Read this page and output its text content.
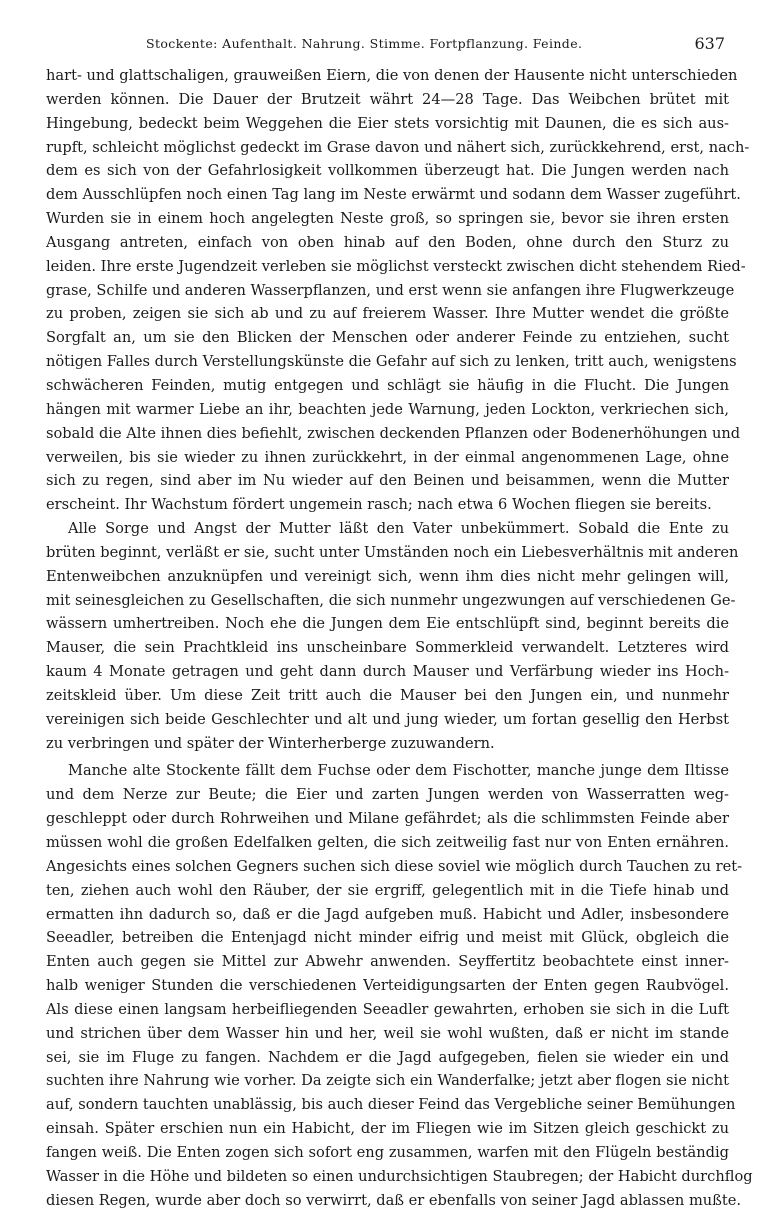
Stockente: Aufenthalt. Nahrung. Stimme. Fortpflanzung. Feinde.	637

hart- und glattschaligen, grauweißen Eiern, die von denen der Hausente nicht unterschieden
werden können. Die Dauer der Brutzeit währt 24—28 Tage. Das Weibchen brütet mit
Hingebung, bedeckt beim Weggehen die Eier stets vorsichtig mit Daunen, die es sich aus-
rupft, schleicht möglichst gedeckt im Grase davon und nähert sich, zurückkehrend, erst, nach-
dem es sich von der Gefahrlosigkeit vollkommen überzeugt hat. Die Jungen werden nach
dem Ausschlüpfen noch einen Tag lang im Neste erwärmt und sodann dem Wasser zugeführt.
Wurden sie in einem hoch angelegten Neste groß, so springen sie, bevor sie ihren ersten
Ausgang antreten, einfach von oben hinab auf den Boden, ohne durch den Sturz zu
leiden. Ihre erste Jugendzeit verleben sie möglichst versteckt zwischen dicht stehendem Ried-
grase, Schilfe und anderen Wasserpflanzen, und erst wenn sie anfangen ihre Flugwerkzeuge
zu proben, zeigen sie sich ab und zu auf freierem Wasser. Ihre Mutter wendet die größte
Sorgfalt an, um sie den Blicken der Menschen oder anderer Feinde zu entziehen, sucht
nötigen Falles durch Verstellungskünste die Gefahr auf sich zu lenken, tritt auch, wenigstens
schwächeren Feinden, mutig entgegen und schlägt sie häufig in die Flucht. Die Jungen
hängen mit warmer Liebe an ihr, beachten jede Warnung, jeden Lockton, verkriechen sich,
sobald die Alte ihnen dies befiehlt, zwischen deckenden Pflanzen oder Bodenerhöhungen und
verweilen, bis sie wieder zu ihnen zurückkehrt, in der einmal angenommenen Lage, ohne
sich zu regen, sind aber im Nu wieder auf den Beinen und beisammen, wenn die Mutter
erscheint. Ihr Wachstum fördert ungemein rasch; nach etwa 6 Wochen fliegen sie bereits.

Alle Sorge und Angst der Mutter läßt den Vater unbekümmert. Sobald die Ente zu
brüten beginnt, verläßt er sie, sucht unter Umständen noch ein Liebesverhältnis mit anderen
Entenweibchen anzuknüpfen und vereinigt sich, wenn ihm dies nicht mehr gelingen will,
mit seinesgleichen zu Gesellschaften, die sich nunmehr ungezwungen auf verschiedenen Ge-
wässern umhertreiben. Noch ehe die Jungen dem Eie entschlüpft sind, beginnt bereits die
Mauser, die sein Prachtkleid ins unscheinbare Sommerkleid verwandelt. Letzteres wird
kaum 4 Monate getragen und geht dann durch Mauser und Verfärbung wieder ins Hoch-
zeitskleid über. Um diese Zeit tritt auch die Mauser bei den Jungen ein, und nunmehr
vereinigen sich beide Geschlechter und alt und jung wieder, um fortan gesellig den Herbst
zu verbringen und später der Winterherberge zuzuwandern.

Manche alte Stockente fällt dem Fuchse oder dem Fischotter, manche junge dem Iltisse
und dem Nerze zur Beute; die Eier und zarten Jungen werden von Wasserratten weg-
geschleppt oder durch Rohrweihen und Milane gefährdet; als die schlimmsten Feinde aber
müssen wohl die großen Edelfalken gelten, die sich zeitweilig fast nur von Enten ernähren.
Angesichts eines solchen Gegners suchen sich diese soviel wie möglich durch Tauchen zu ret-
ten, ziehen auch wohl den Räuber, der sie ergriff, gelegentlich mit in die Tiefe hinab und
ermatten ihn dadurch so, daß er die Jagd aufgeben muß. Habicht und Adler, insbesondere
Seeadler, betreiben die Entenjagd nicht minder eifrig und meist mit Glück, obgleich die
Enten auch gegen sie Mittel zur Abwehr anwenden. Seyffertitz beobachtete einst inner-
halb weniger Stunden die verschiedenen Verteidigungsarten der Enten gegen Raubvögel.
Als diese einen langsam herbeifliegenden Seeadler gewahrten, erhoben sie sich in die Luft
und strichen über dem Wasser hin und her, weil sie wohl wußten, daß er nicht im stande
sei, sie im Fluge zu fangen. Nachdem er die Jagd aufgegeben, fielen sie wieder ein und
suchten ihre Nahrung wie vorher. Da zeigte sich ein Wanderfalke; jetzt aber flogen sie nicht
auf, sondern tauchten unablässig, bis auch dieser Feind das Vergebliche seiner Bemühungen
einsah. Später erschien nun ein Habicht, der im Fliegen wie im Sitzen gleich geschickt zu
fangen weiß. Die Enten zogen sich sofort eng zusammen, warfen mit den Flügeln beständig
Wasser in die Höhe und bildeten so einen undurchsichtigen Staubregen; der Habicht durchflog
diesen Regen, wurde aber doch so verwirrt, daß er ebenfalls von seiner Jagd ablassen mußte.
